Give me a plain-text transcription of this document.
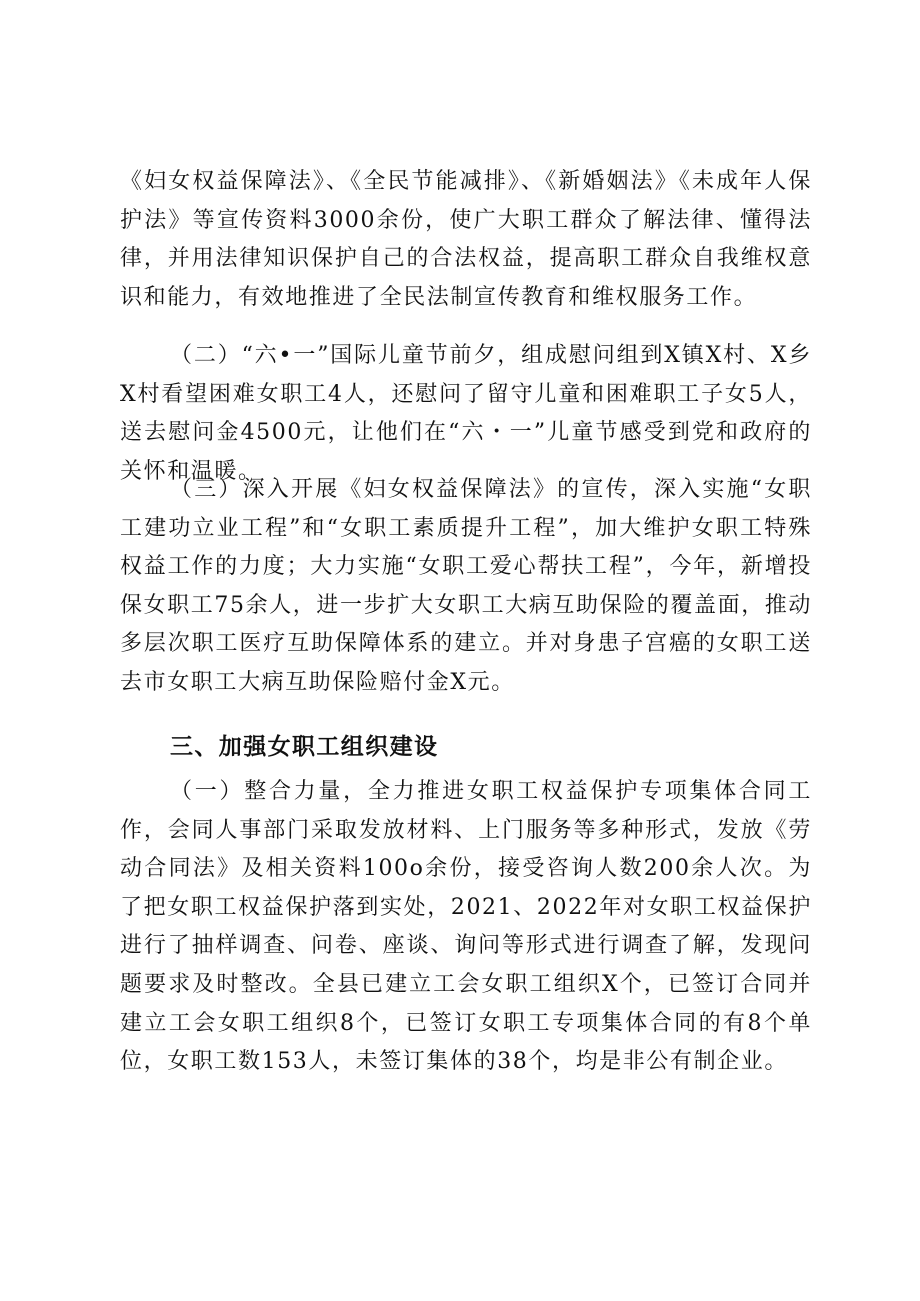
《妇女权益保障法》、《全民节能减排》、《新婚姻法》《未成年人保护法》等宣传资料3000余份，使广大职工群众了解法律、懂得法律，并用法律知识保护自己的合法权益，提高职工群众自我维权意识和能力，有效地推进了全民法制宣传教育和维权服务工作。

（二）“六•一”国际儿童节前夕，组成慰问组到X镇X村、X乡X村看望困难女职工4人，还慰问了留守儿童和困难职工子女5人，送去慰问金4500元，让他们在“六・一”儿童节感受到党和政府的关怀和温暖。

（三）深入开展《妇女权益保障法》的宣传，深入实施“女职工建功立业工程”和“女职工素质提升工程”，加大维护女职工特殊权益工作的力度；大力实施“女职工爱心帮扶工程”，今年，新增投保女职工75余人，进一步扩大女职工大病互助保险的覆盖面，推动多层次职工医疗互助保障体系的建立。并对身患子宫癌的女职工送去市女职工大病互助保险赔付金X元。

三、加强女职工组织建设

（一）整合力量，全力推进女职工权益保护专项集体合同工作，会同人事部门采取发放材料、上门服务等多种形式，发放《劳动合同法》及相关资料100o余份，接受咨询人数200余人次。为了把女职工权益保护落到实处，2021、2022年对女职工权益保护进行了抽样调查、问卷、座谈、询问等形式进行调查了解，发现问题要求及时整改。全县已建立工会女职工组织X个，已签订合同并建立工会女职工组织8个，已签订女职工专项集体合同的有8个单位，女职工数153人，未签订集体的38个，均是非公有制企业。
